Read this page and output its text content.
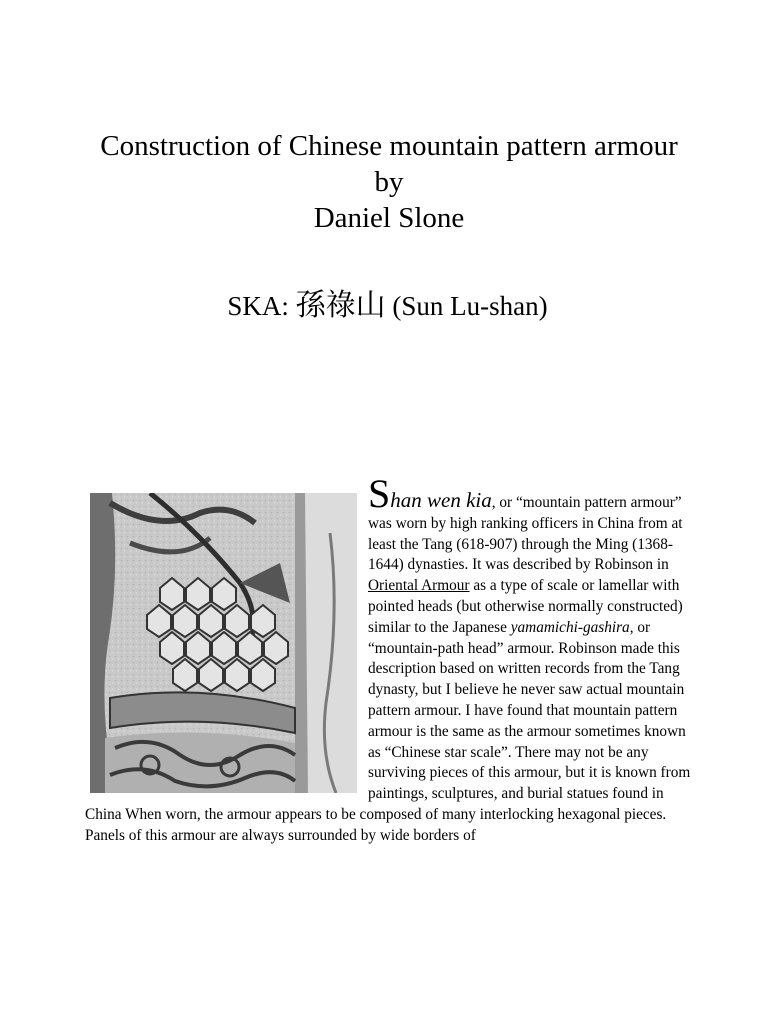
Construction of Chinese mountain pattern armour
by
Daniel Slone
SKA: 孫祿山 (Sun Lu-shan)
Shan wen kia, or “mountain pattern armour” was worn by high ranking officers in China from at least the Tang (618-907) through the Ming (1368-1644) dynasties. It was described by Robinson in Oriental Armour as a type of scale or lamellar with pointed heads (but otherwise normally constructed) similar to the Japanese yamamichi-gashira, or “mountain-path head” armour. Robinson made this description based on written records from the Tang dynasty, but I believe he never saw actual mountain pattern armour. I have found that mountain pattern armour is the same as the armour sometimes known as “Chinese star scale”. There may not be any surviving pieces of this armour, but it is known from paintings, sculptures, and burial statues found in China When worn, the armour appears to be composed of many interlocking hexagonal pieces. Panels of this armour are always surrounded by wide borders of
